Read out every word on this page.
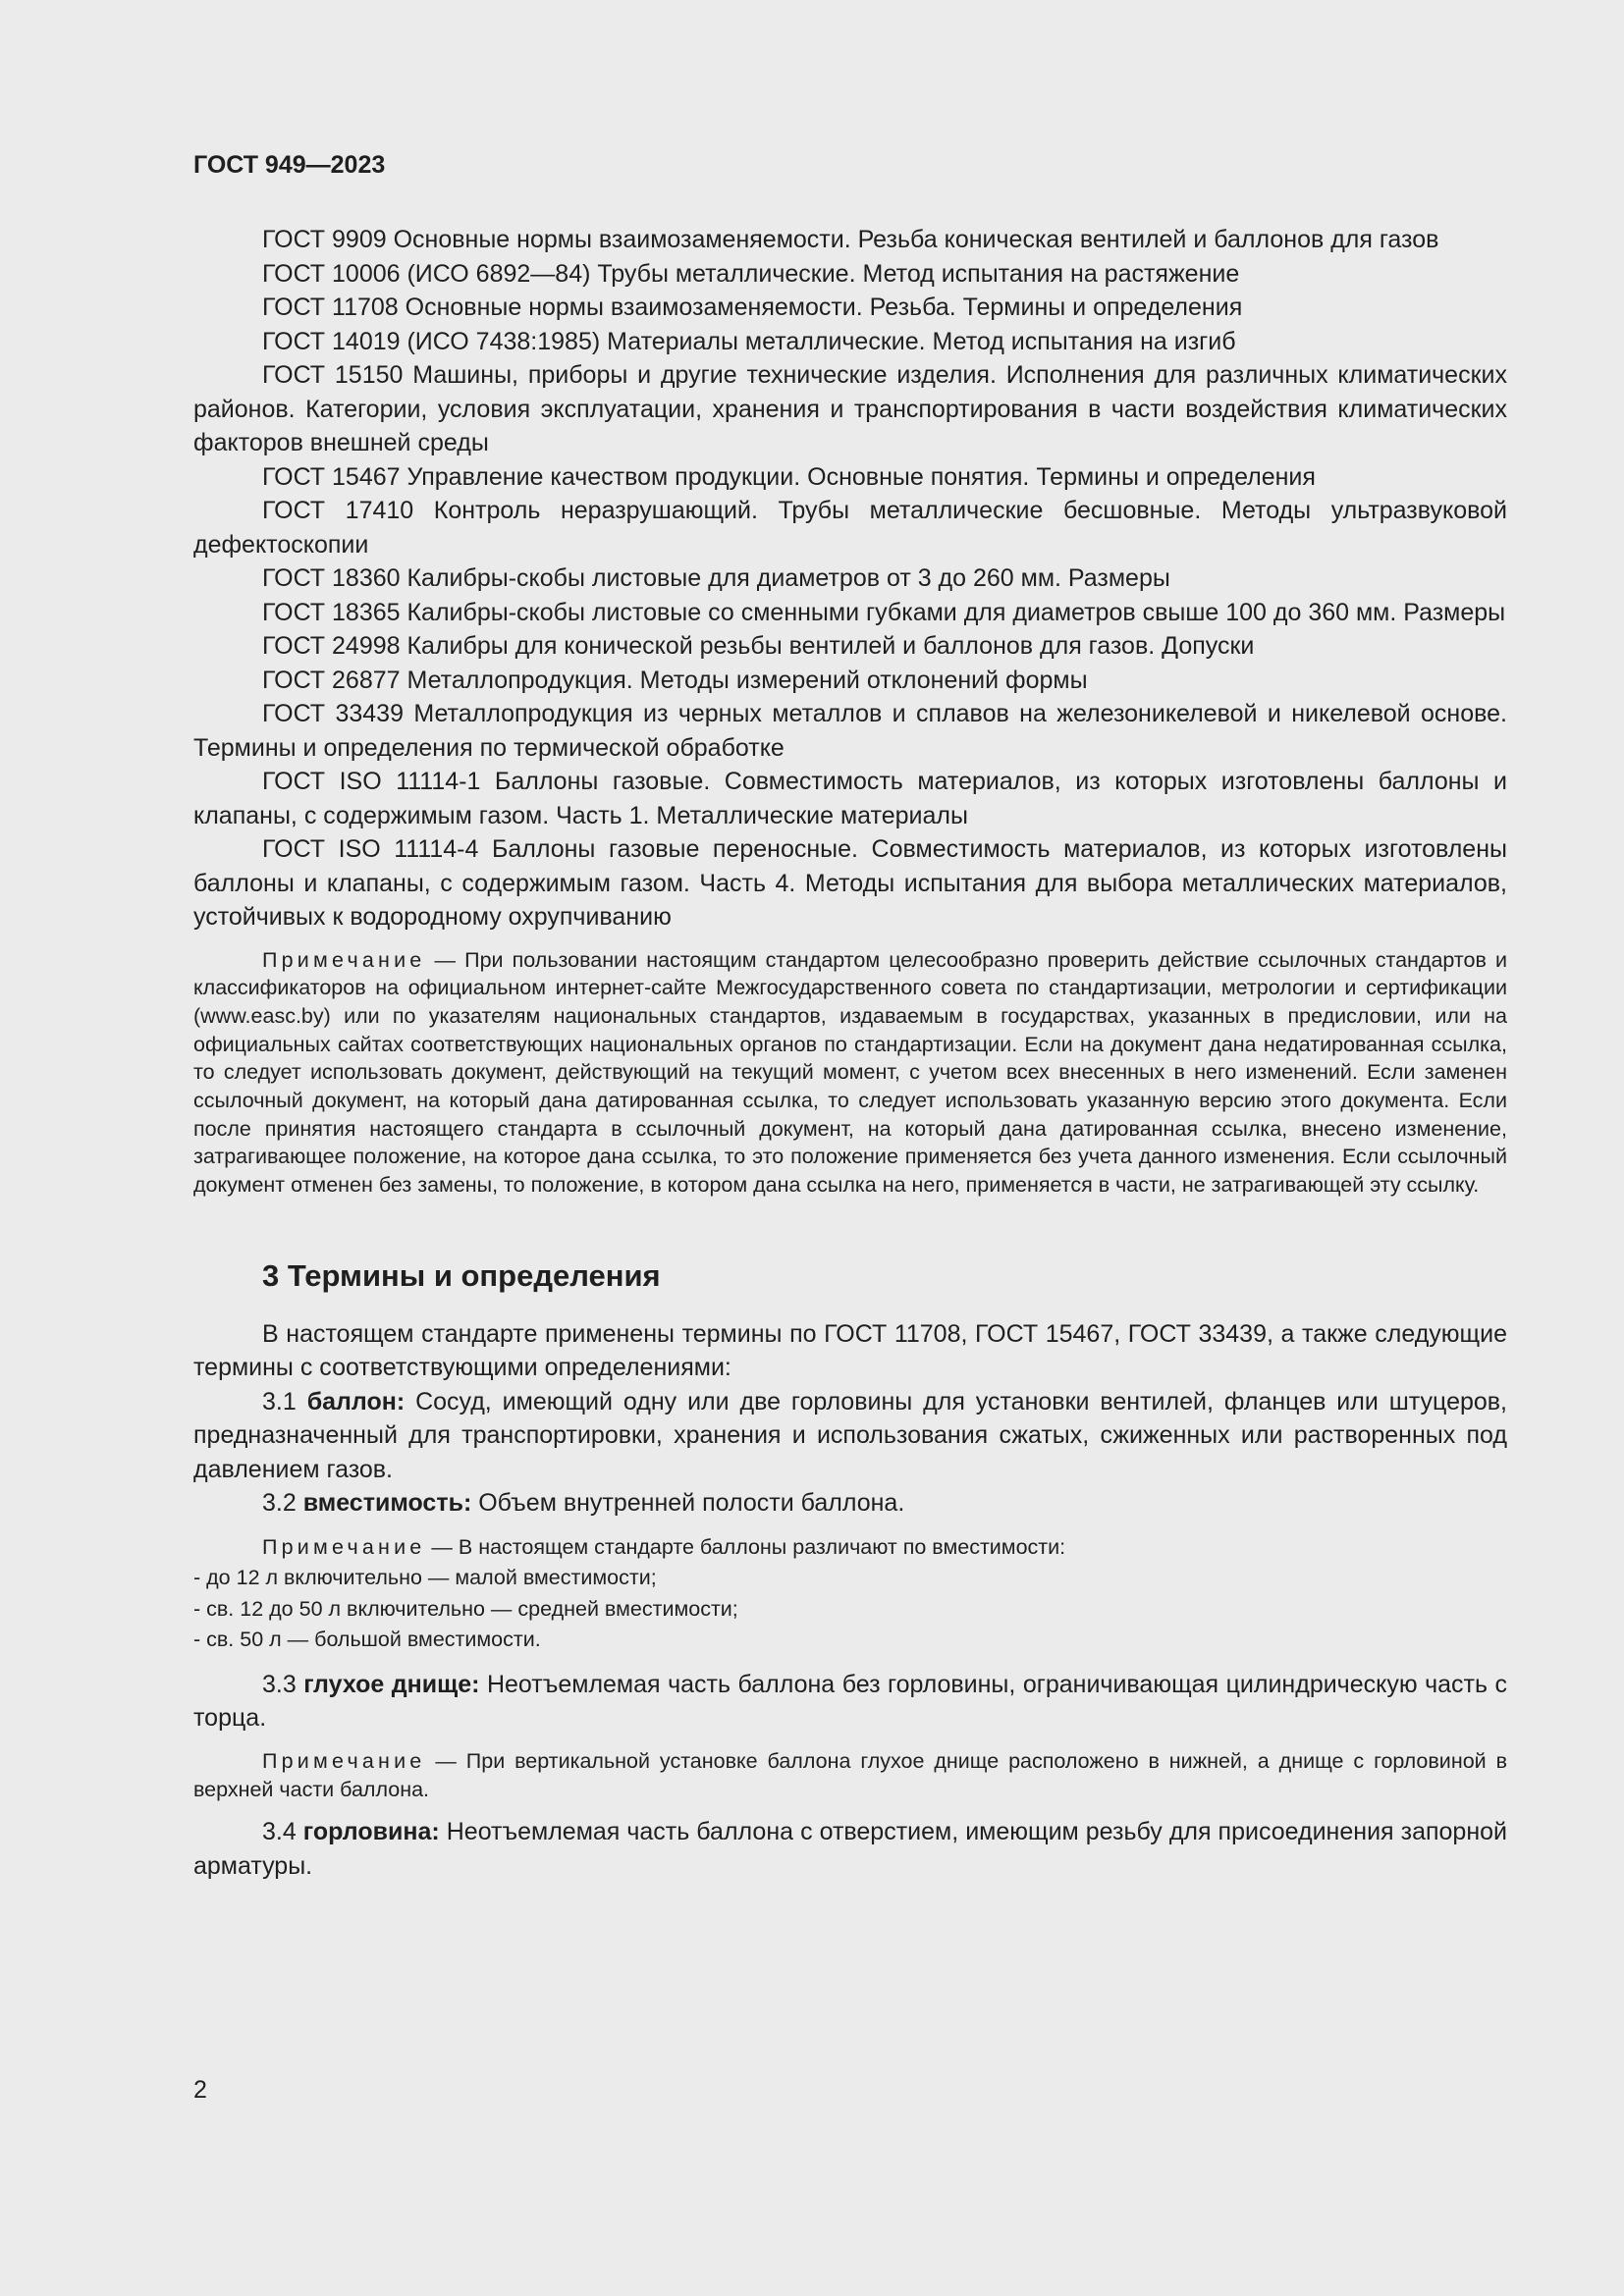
ГОСТ 949—2023

ГОСТ 9909 Основные нормы взаимозаменяемости. Резьба коническая вентилей и баллонов для газов

ГОСТ 10006 (ИСО 6892—84) Трубы металлические. Метод испытания на растяжение

ГОСТ 11708 Основные нормы взаимозаменяемости. Резьба. Термины и определения

ГОСТ 14019 (ИСО 7438:1985) Материалы металлические. Метод испытания на изгиб

ГОСТ 15150 Машины, приборы и другие технические изделия. Исполнения для различных климатических районов. Категории, условия эксплуатации, хранения и транспортирования в части воздействия климатических факторов внешней среды

ГОСТ 15467 Управление качеством продукции. Основные понятия. Термины и определения

ГОСТ 17410 Контроль неразрушающий. Трубы металлические бесшовные. Методы ультразвуковой дефектоскопии

ГОСТ 18360 Калибры-скобы листовые для диаметров от 3 до 260 мм. Размеры

ГОСТ 18365 Калибры-скобы листовые со сменными губками для диаметров свыше 100 до 360 мм. Размеры

ГОСТ 24998 Калибры для конической резьбы вентилей и баллонов для газов. Допуски

ГОСТ 26877 Металлопродукция. Методы измерений отклонений формы

ГОСТ 33439 Металлопродукция из черных металлов и сплавов на железоникелевой и никелевой основе. Термины и определения по термической обработке

ГОСТ ISO 11114-1 Баллоны газовые. Совместимость материалов, из которых изготовлены баллоны и клапаны, с содержимым газом. Часть 1. Металлические материалы

ГОСТ ISO 11114-4 Баллоны газовые переносные. Совместимость материалов, из которых изготовлены баллоны и клапаны, с содержимым газом. Часть 4. Методы испытания для выбора металлических материалов, устойчивых к водородному охрупчиванию

Примечание — При пользовании настоящим стандартом целесообразно проверить действие ссылочных стандартов и классификаторов на официальном интернет-сайте Межгосударственного совета по стандартизации, метрологии и сертификации (www.easc.by) или по указателям национальных стандартов, издаваемым в государствах, указанных в предисловии, или на официальных сайтах соответствующих национальных органов по стандартизации. Если на документ дана недатированная ссылка, то следует использовать документ, действующий на текущий момент, с учетом всех внесенных в него изменений. Если заменен ссылочный документ, на который дана датированная ссылка, то следует использовать указанную версию этого документа. Если после принятия настоящего стандарта в ссылочный документ, на который дана датированная ссылка, внесено изменение, затрагивающее положение, на которое дана ссылка, то это положение применяется без учета данного изменения. Если ссылочный документ отменен без замены, то положение, в котором дана ссылка на него, применяется в части, не затрагивающей эту ссылку.

3 Термины и определения

В настоящем стандарте применены термины по ГОСТ 11708, ГОСТ 15467, ГОСТ 33439, а также следующие термины с соответствующими определениями:

3.1 баллон: Сосуд, имеющий одну или две горловины для установки вентилей, фланцев или штуцеров, предназначенный для транспортировки, хранения и использования сжатых, сжиженных или растворенных под давлением газов.

3.2 вместимость: Объем внутренней полости баллона.

Примечание — В настоящем стандарте баллоны различают по вместимости:

- до 12 л включительно — малой вместимости;

- св. 12 до 50 л включительно — средней вместимости;

- св. 50 л — большой вместимости.

3.3 глухое днище: Неотъемлемая часть баллона без горловины, ограничивающая цилиндрическую часть с торца.

Примечание — При вертикальной установке баллона глухое днище расположено в нижней, а днище с горловиной в верхней части баллона.

3.4 горловина: Неотъемлемая часть баллона с отверстием, имеющим резьбу для присоединения запорной арматуры.

2
